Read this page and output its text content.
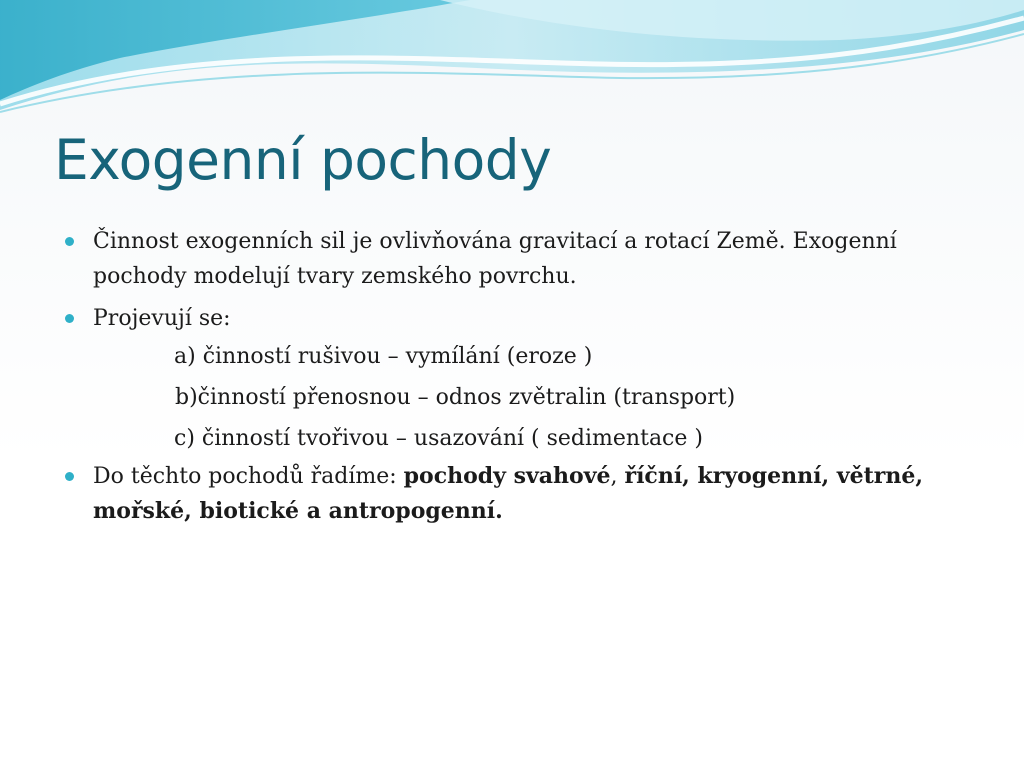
Exogenní pochody
Činnost exogenních sil je ovlivňována gravitací a rotací Země. Exogenní pochody modelují tvary zemského povrchu.
Projevují se:
a) činností rušivou – vymílání (eroze )
b)činností přenosnou – odnos zvětralin (transport)
c) činností tvořivou – usazování ( sedimentace )
Do těchto pochodů řadíme: pochody svahové, říční, kryogenní, větrné, mořské, biotické a antropogenní.
